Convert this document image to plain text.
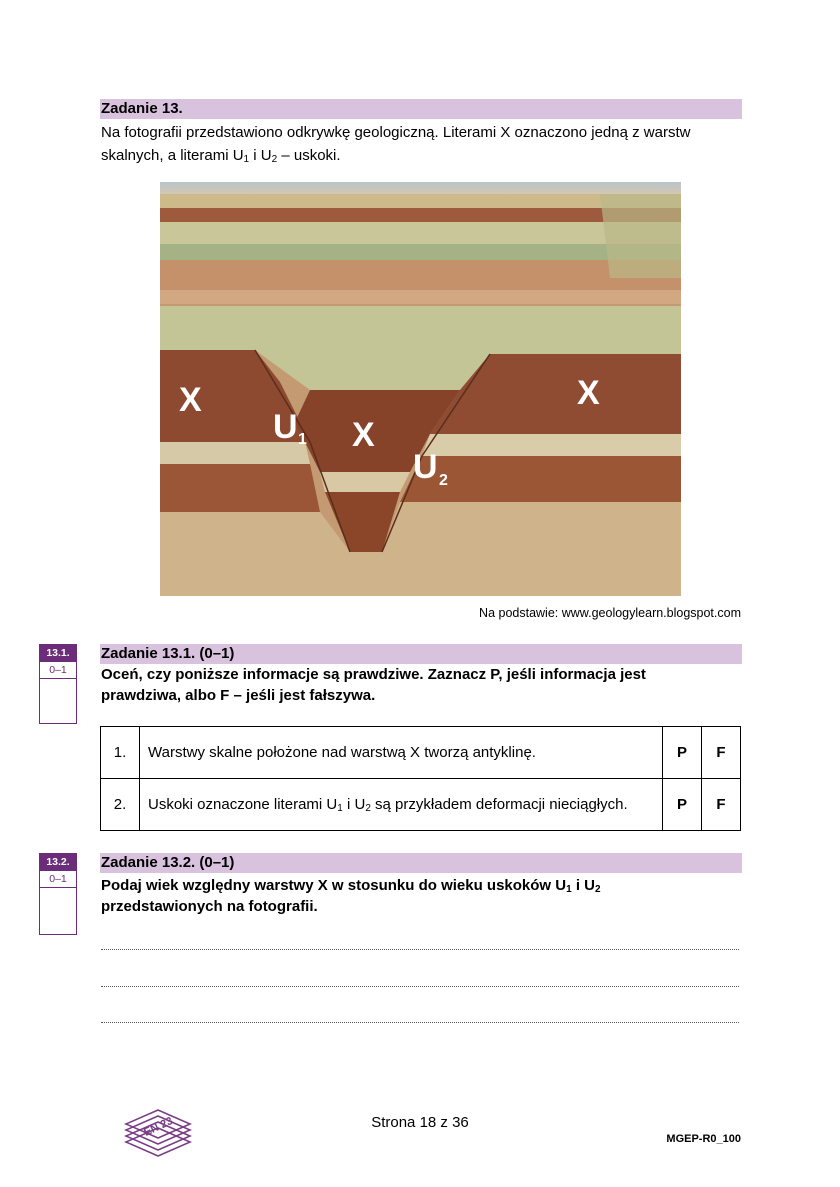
Zadanie 13.
Na fotografii przedstawiono odkrywkę geologiczną. Literami X oznaczono jedną z warstw
skalnych, a literami $U_1$ i $U_2$ – uskoki.
X
X
X
U 1
U 2
Na podstawie: www.geologylearn.blogspot.com
13.1.
0–1
Zadanie 13.1. (0–1)
Oceń, czy poniższe informacje są prawdziwe. Zaznacz P, jeśli informacja jest
prawdziwa, albo F – jeśli jest fałszywa.
1.	Warstwy skalne położone nad warstwą X tworzą antyklinę.	P	F
2.	Uskoki oznaczone literami $U_1$ i $U_2$ są przykładem deformacji nieciągłych.	P	F
13.2.
0–1
Zadanie 13.2. (0–1)
Podaj wiek względny warstwy X w stosunku do wieku uskoków $U_1$ i $U_2$
przedstawionych na fotografii.
EN 23	Strona 18 z 36
MGEP-R0_100
